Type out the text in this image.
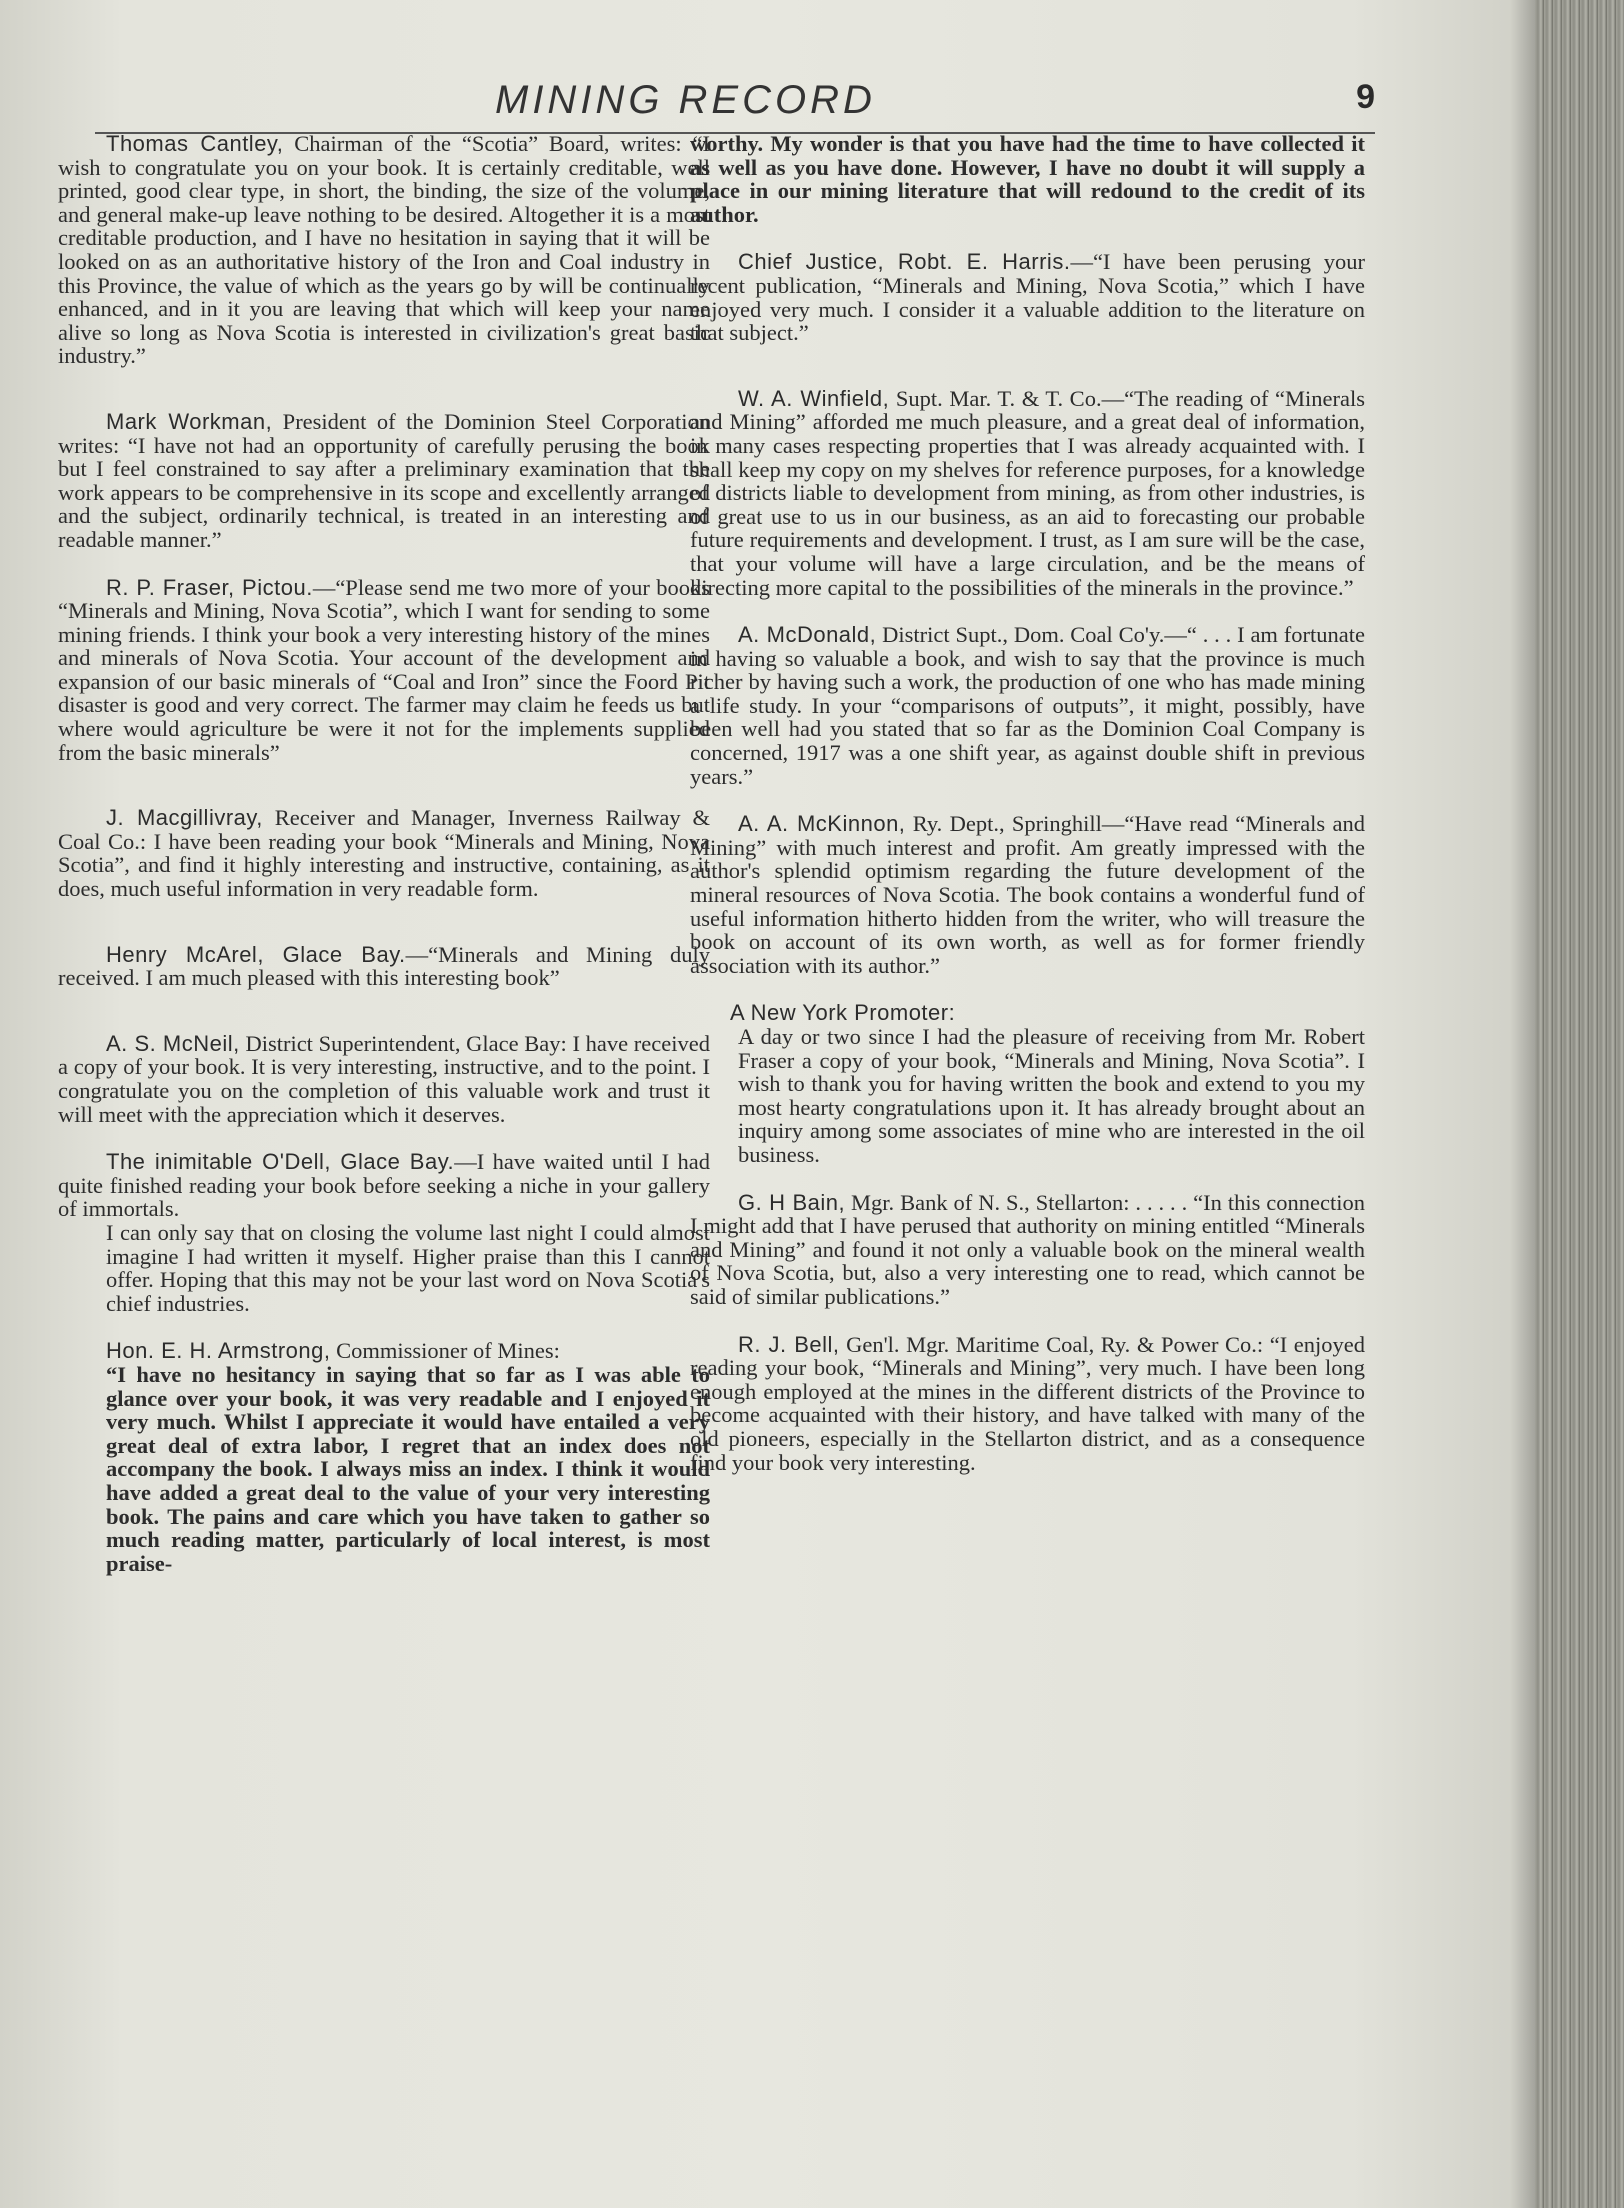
MINING RECORD	9

Thomas Cantley, Chairman of the “Scotia” Board, writes: “I wish to congratulate you on your book. It is certainly creditable, well printed, good clear type, in short, the binding, the size of the volume, and general make-up leave nothing to be desired. Altogether it is a most creditable production, and I have no hesitation in saying that it will be looked on as an authoritative history of the Iron and Coal industry in this Province, the value of which as the years go by will be continually enhanced, and in it you are leaving that which will keep your name alive so long as Nova Scotia is interested in civilization's great basic industry.”

Mark Workman, President of the Dominion Steel Corporation writes: “I have not had an opportunity of carefully perusing the book but I feel constrained to say after a preliminary examination that the work appears to be comprehensive in its scope and excellently arranged and the subject, ordinarily technical, is treated in an interesting and readable manner.”

R. P. Fraser, Pictou.—“Please send me two more of your books “Minerals and Mining, Nova Scotia”, which I want for sending to some mining friends. I think your book a very interesting history of the mines and minerals of Nova Scotia. Your account of the development and expansion of our basic minerals of “Coal and Iron” since the Foord Pit disaster is good and very correct. The farmer may claim he feeds us but where would agriculture be were it not for the implements supplied from the basic minerals”

J. Macgillivray, Receiver and Manager, Inverness Railway & Coal Co.: I have been reading your book “Minerals and Mining, Nova Scotia”, and find it highly interesting and instructive, containing, as it does, much useful information in very readable form.

Henry McArel, Glace Bay.—“Minerals and Mining duly received. I am much pleased with this interesting book”

A. S. McNeil, District Superintendent, Glace Bay: I have received a copy of your book. It is very interesting, instructive, and to the point. I congratulate you on the completion of this valuable work and trust it will meet with the appreciation which it deserves.

The inimitable O'Dell, Glace Bay.—I have waited until I had quite finished reading your book before seeking a niche in your gallery of immortals.

I can only say that on closing the volume last night I could almost imagine I had written it myself. Higher praise than this I cannot offer. Hoping that this may not be your last word on Nova Scotia's chief industries.

Hon. E. H. Armstrong, Commissioner of Mines:

“I have no hesitancy in saying that so far as I was able to glance over your book, it was very readable and I enjoyed it very much. Whilst I appreciate it would have entailed a very great deal of extra labor, I regret that an index does not accompany the book. I always miss an index. I think it would have added a great deal to the value of your very interesting book. The pains and care which you have taken to gather so much reading matter, particularly of local interest, is most praise-

worthy. My wonder is that you have had the time to have collected it as well as you have done. However, I have no doubt it will supply a place in our mining literature that will redound to the credit of its author.

Chief Justice, Robt. E. Harris.—“I have been perusing your recent publication, “Minerals and Mining, Nova Scotia,” which I have enjoyed very much. I consider it a valuable addition to the literature on that subject.”

W. A. Winfield, Supt. Mar. T. & T. Co.—“The reading of “Minerals and Mining” afforded me much pleasure, and a great deal of information, in many cases respecting properties that I was already acquainted with. I shall keep my copy on my shelves for reference purposes, for a knowledge of districts liable to development from mining, as from other industries, is of great use to us in our business, as an aid to forecasting our probable future requirements and development. I trust, as I am sure will be the case, that your volume will have a large circulation, and be the means of directing more capital to the possibilities of the minerals in the province.”

A. McDonald, District Supt., Dom. Coal Co'y.—“ . . . I am fortunate in having so valuable a book, and wish to say that the province is much richer by having such a work, the production of one who has made mining a life study. In your “comparisons of outputs”, it might, possibly, have been well had you stated that so far as the Dominion Coal Company is concerned, 1917 was a one shift year, as against double shift in previous years.”

A. A. McKinnon, Ry. Dept., Springhill—“Have read “Minerals and Mining” with much interest and profit. Am greatly impressed with the author's splendid optimism regarding the future development of the mineral resources of Nova Scotia. The book contains a wonderful fund of useful information hitherto hidden from the writer, who will treasure the book on account of its own worth, as well as for former friendly association with its author.”

A New York Promoter:

A day or two since I had the pleasure of receiving from Mr. Robert Fraser a copy of your book, “Minerals and Mining, Nova Scotia”. I wish to thank you for having written the book and extend to you my most hearty congratulations upon it. It has already brought about an inquiry among some associates of mine who are interested in the oil business.

G. H Bain, Mgr. Bank of N. S., Stellarton: . . . . . “In this connection I might add that I have perused that authority on mining entitled “Minerals and Mining” and found it not only a valuable book on the mineral wealth of Nova Scotia, but, also a very interesting one to read, which cannot be said of similar publications.”

R. J. Bell, Gen'l. Mgr. Maritime Coal, Ry. & Power Co.: “I enjoyed reading your book, “Minerals and Mining”, very much. I have been long enough employed at the mines in the different districts of the Province to become acquainted with their history, and have talked with many of the old pioneers, especially in the Stellarton district, and as a consequence find your book very interesting.
